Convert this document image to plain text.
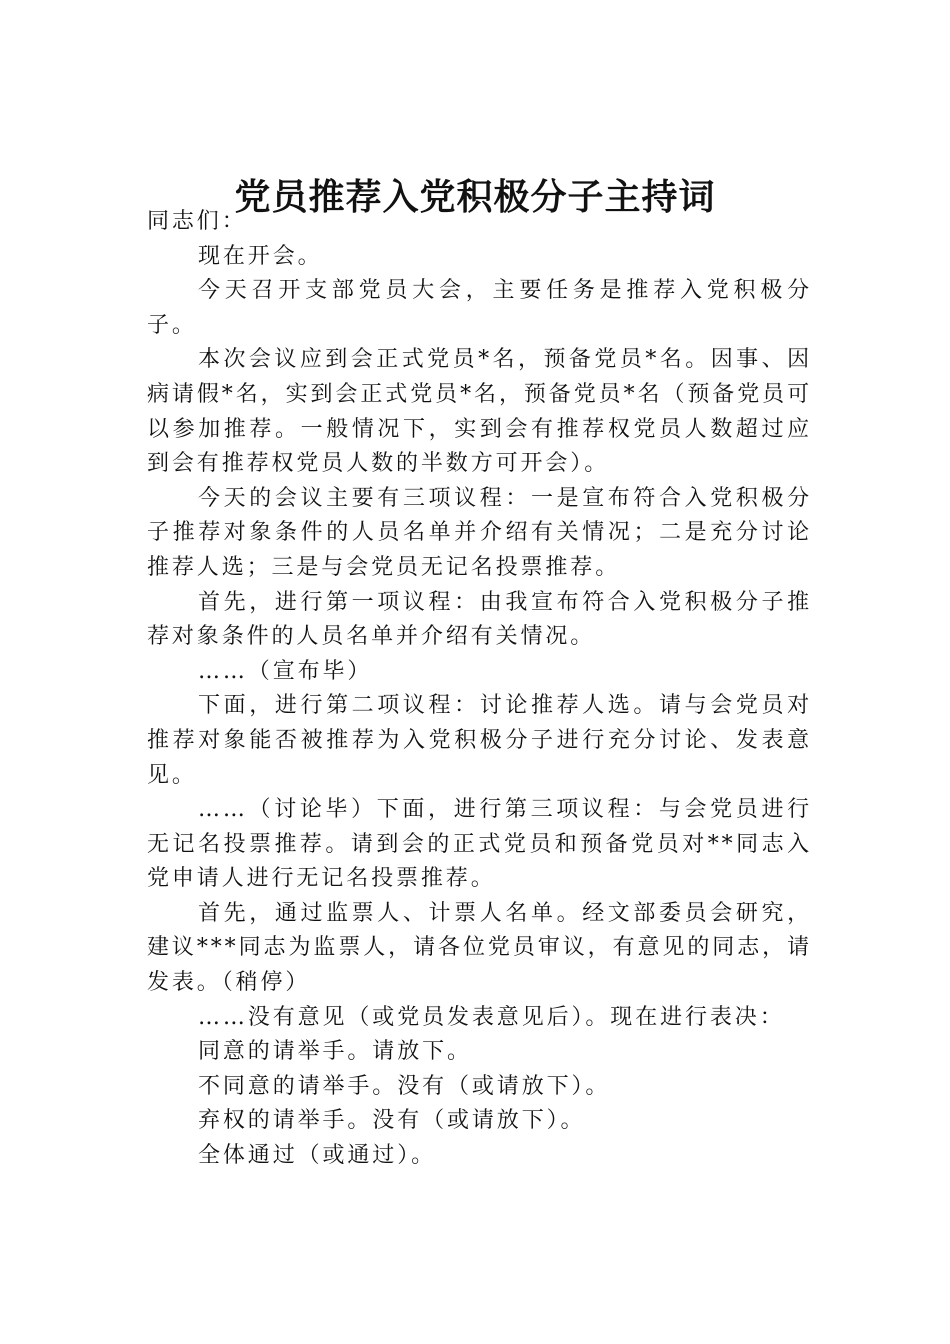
党员推荐入党积极分子主持词

同志们：

现在开会。

今天召开支部党员大会，主要任务是推荐入党积极分子。

本次会议应到会正式党员*名，预备党员*名。因事、因病请假*名，实到会正式党员*名，预备党员*名（预备党员可以参加推荐。一般情况下，实到会有推荐权党员人数超过应到会有推荐权党员人数的半数方可开会）。

今天的会议主要有三项议程：一是宣布符合入党积极分子推荐对象条件的人员名单并介绍有关情况；二是充分讨论推荐人选；三是与会党员无记名投票推荐。

首先，进行第一项议程：由我宣布符合入党积极分子推荐对象条件的人员名单并介绍有关情况。

……（宣布毕）

下面，进行第二项议程：讨论推荐人选。请与会党员对推荐对象能否被推荐为入党积极分子进行充分讨论、发表意见。

……（讨论毕）下面，进行第三项议程：与会党员进行无记名投票推荐。请到会的正式党员和预备党员对**同志入党申请人进行无记名投票推荐。

首先，通过监票人、计票人名单。经文部委员会研究，建议***同志为监票人，请各位党员审议，有意见的同志，请发表。（稍停）

……没有意见（或党员发表意见后）。现在进行表决：

同意的请举手。请放下。

不同意的请举手。没有（或请放下）。

弃权的请举手。没有（或请放下）。

全体通过（或通过）。
